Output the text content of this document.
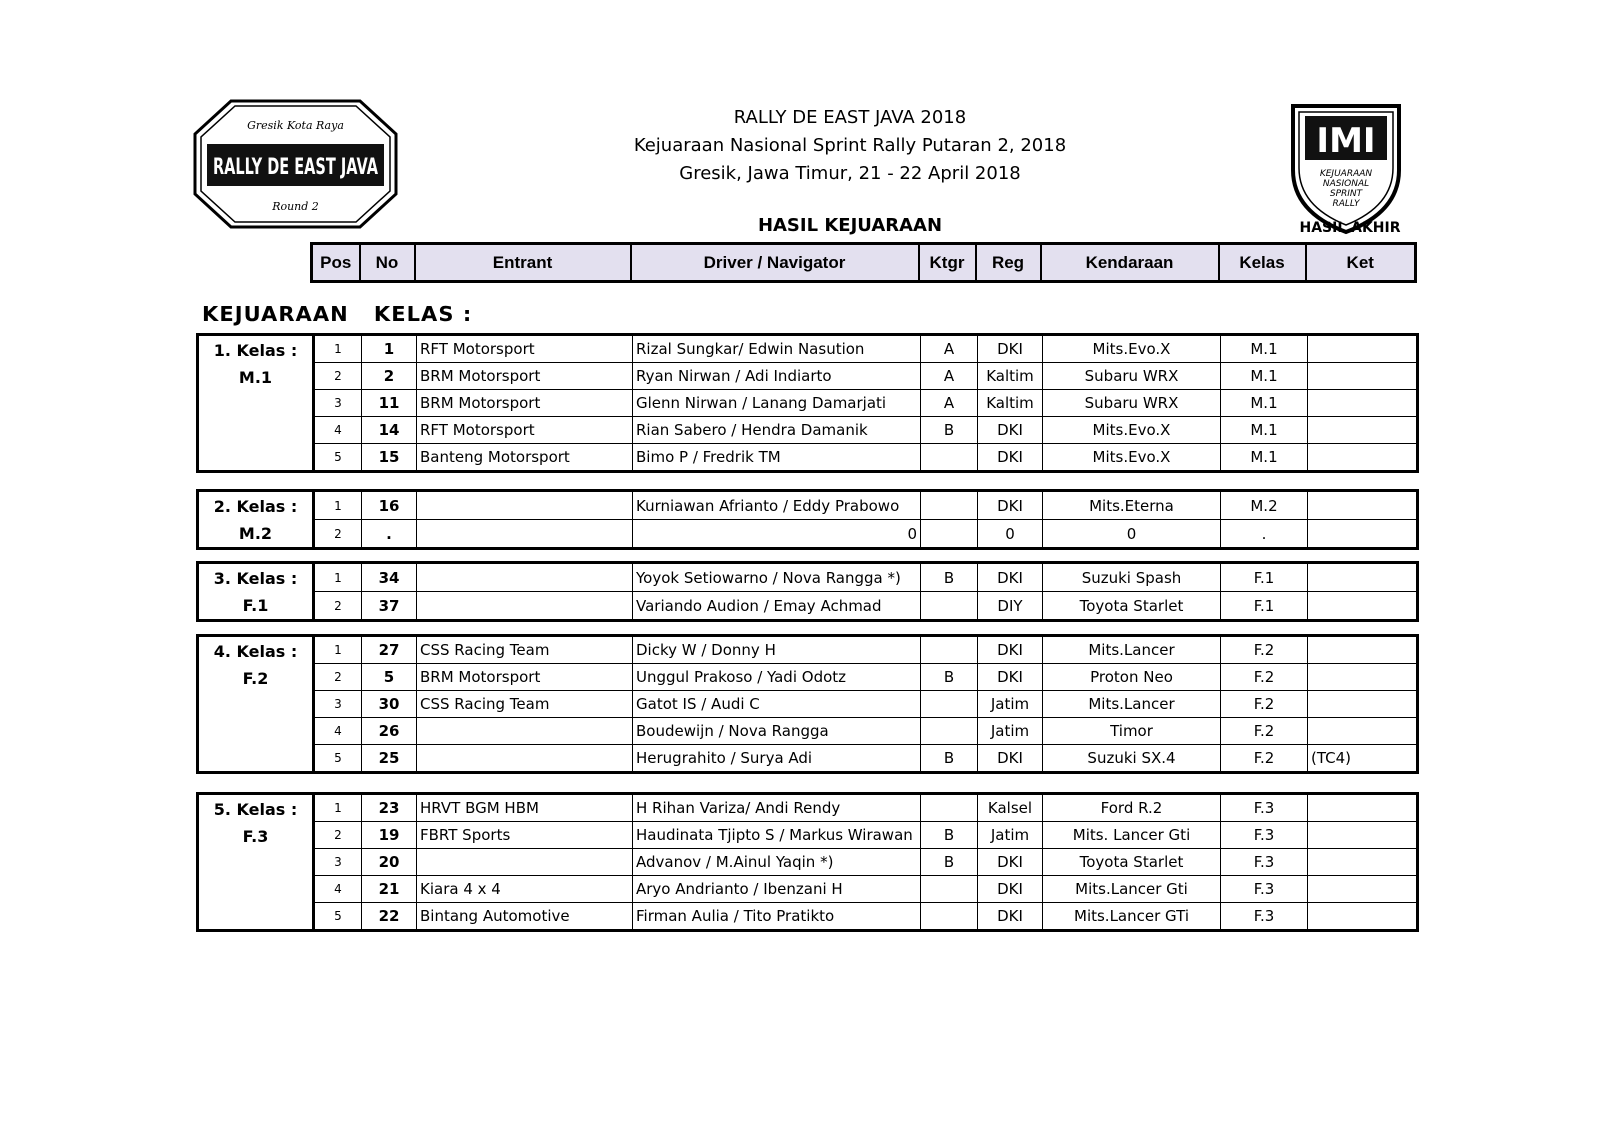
Gresik Kota Raya
RALLY DE EAST JAVA
Round 2
IMI
KEJUARAAN
NASIONAL
SPRINT
RALLY
RALLY DE EAST JAVA 2018
Kejuaraan Nasional Sprint Rally Putaran 2, 2018
Gresik, Jawa Timur, 21 - 22 April 2018
HASIL KEJUARAAN	HASIL AKHIR
Pos	No	Entrant	Driver / Navigator	Ktgr	Reg	Kendaraan	Kelas	Ket
KEJUARAAN   KELAS :
1. Kelas :
M.1	1	1	RFT Motorsport	Rizal Sungkar/ Edwin Nasution	A	DKI	Mits.Evo.X	M.1	
	2	2	BRM Motorsport	Ryan Nirwan / Adi Indiarto	A	Kaltim	Subaru WRX	M.1	
	3	11	BRM Motorsport	Glenn Nirwan / Lanang Damarjati	A	Kaltim	Subaru WRX	M.1	
	4	14	RFT Motorsport	Rian Sabero / Hendra Damanik	B	DKI	Mits.Evo.X	M.1	
	5	15	Banteng Motorsport	Bimo P / Fredrik TM		DKI	Mits.Evo.X	M.1	
2. Kelas :
M.2	1	16		Kurniawan Afrianto / Eddy Prabowo		DKI	Mits.Eterna	M.2	
	2	.		0		0	0	.	
3. Kelas :
F.1	1	34		Yoyok Setiowarno / Nova Rangga *)	B	DKI	Suzuki Spash	F.1	
	2	37		Variando Audion / Emay Achmad		DIY	Toyota Starlet	F.1	
4. Kelas :
F.2	1	27	CSS Racing Team	Dicky W / Donny H		DKI	Mits.Lancer	F.2	
	2	5	BRM Motorsport	Unggul Prakoso / Yadi Odotz	B	DKI	Proton Neo	F.2	
	3	30	CSS Racing Team	Gatot IS / Audi C		Jatim	Mits.Lancer	F.2	
	4	26		Boudewijn / Nova Rangga		Jatim	Timor	F.2	
	5	25		Herugrahito / Surya Adi	B	DKI	Suzuki SX.4	F.2	(TC4)
5. Kelas :
F.3	1	23	HRVT BGM HBM	H Rihan Variza/ Andi Rendy		Kalsel	Ford R.2	F.3	
	2	19	FBRT Sports	Haudinata Tjipto S / Markus Wirawan	B	Jatim	Mits. Lancer Gti	F.3	
	3	20		Advanov / M.Ainul Yaqin *)	B	DKI	Toyota Starlet	F.3	
	4	21	Kiara 4 x 4	Aryo Andrianto / Ibenzani H		DKI	Mits.Lancer Gti	F.3	
	5	22	Bintang Automotive	Firman Aulia / Tito Pratikto		DKI	Mits.Lancer GTi	F.3	
